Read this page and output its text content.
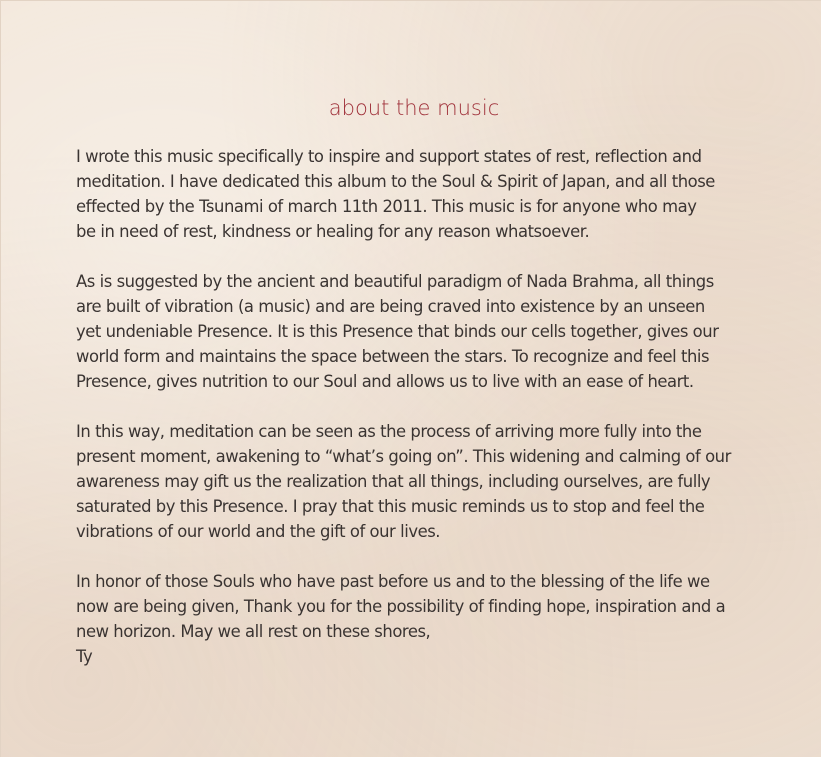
about the music
I wrote this music specifically to inspire and support states of rest, reflection and
meditation. I have dedicated this album to the Soul & Spirit of Japan, and all those
effected by the Tsunami of march 11th 2011. This music is for anyone who may
be in need of rest, kindness or healing for any reason whatsoever.
As is suggested by the ancient and beautiful paradigm of Nada Brahma, all things
are built of vibration (a music) and are being craved into existence by an unseen
yet undeniable Presence. It is this Presence that binds our cells together, gives our
world form and maintains the space between the stars. To recognize and feel this
Presence, gives nutrition to our Soul and allows us to live with an ease of heart.
In this way, meditation can be seen as the process of arriving more fully into the
present moment, awakening to “what’s going on”. This widening and calming of our
awareness may gift us the realization that all things, including ourselves, are fully
saturated by this Presence. I pray that this music reminds us to stop and feel the
vibrations of our world and the gift of our lives.
In honor of those Souls who have past before us and to the blessing of the life we
now are being given, Thank you for the possibility of finding hope, inspiration and a
new horizon. May we all rest on these shores,
Ty
